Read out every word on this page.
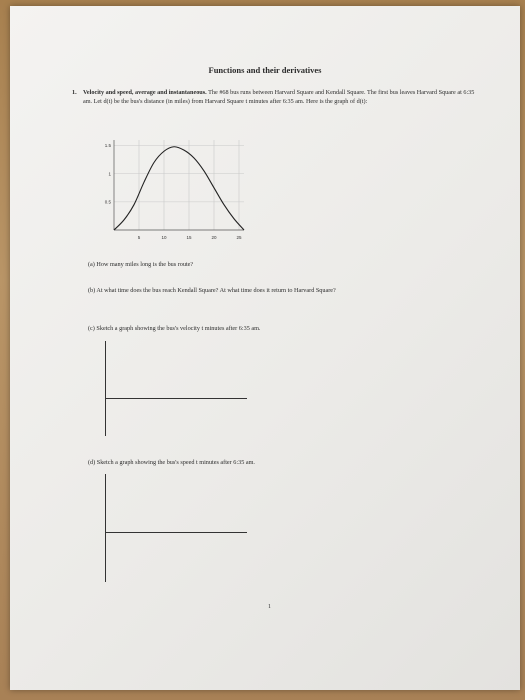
Functions and their derivatives
1. Velocity and speed, average and instantaneous. The #68 bus runs between Harvard Square and Kendall Square. The first bus leaves Harvard Square at 6:35 am. Let d(t) be the bus's distance (in miles) from Harvard Square t minutes after 6:35 am. Here is the graph of d(t):
5	10	15	20	25
0.5
1
1.5
(a) How many miles long is the bus route?
(b) At what time does the bus reach Kendall Square? At what time does it return to Harvard Square?
(c) Sketch a graph showing the bus's velocity t minutes after 6:35 am.
(d) Sketch a graph showing the bus's speed t minutes after 6:35 am.
1
